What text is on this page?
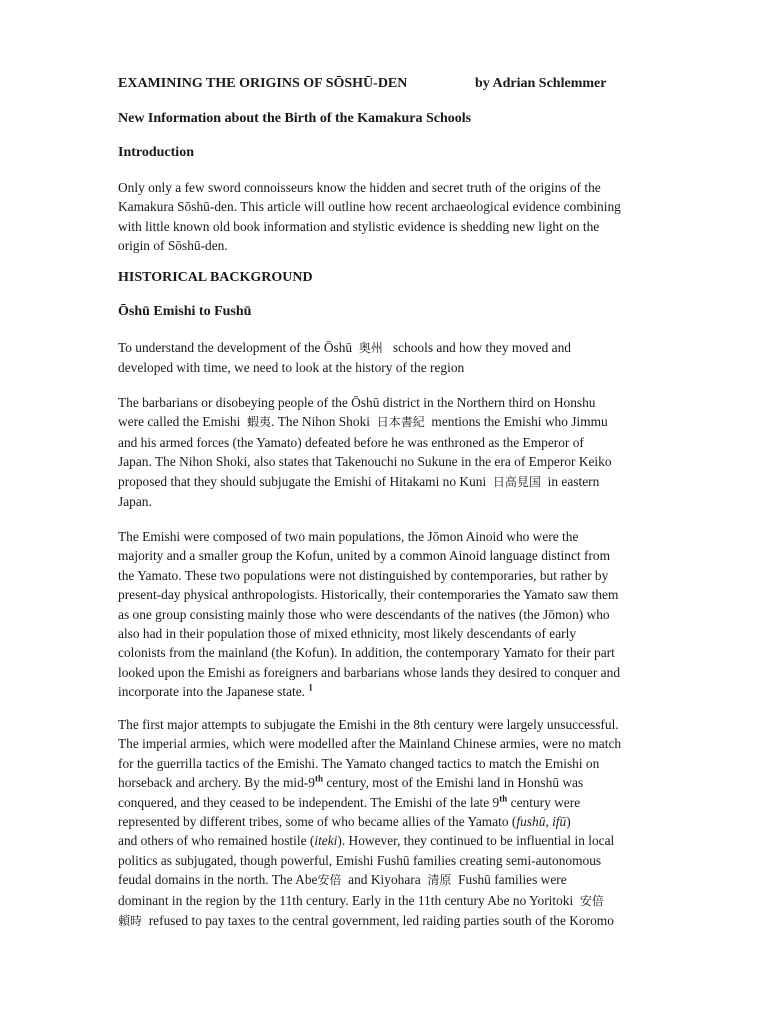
EXAMINING THE ORIGINS OF SŌSHŪ-DEN	by Adrian Schlemmer
New Information about the Birth of the Kamakura Schools
Introduction
Only only a few sword connoisseurs know the hidden and secret truth of the origins of the
Kamakura Sōshū-den. This article will outline how recent archaeological evidence combining
with little known old book information and stylistic evidence is shedding new light on the
origin of Sōshū-den.
HISTORICAL BACKGROUND
Ōshū Emishi to Fushū
To understand the development of the Ōshū 奥州 schools and how they moved and
developed with time, we need to look at the history of the region
The barbarians or disobeying people of the Ōshū district in the Northern third on Honshu
were called the Emishi 蝦夷. The Nihon Shoki 日本書紀 mentions the Emishi who Jimmu
and his armed forces (the Yamato) defeated before he was enthroned as the Emperor of
Japan. The Nihon Shoki, also states that Takenouchi no Sukune in the era of Emperor Keiko
proposed that they should subjugate the Emishi of Hitakami no Kuni 日高見国 in eastern
Japan.
The Emishi were composed of two main populations, the Jōmon Ainoid who were the
majority and a smaller group the Kofun, united by a common Ainoid language distinct from
the Yamato. These two populations were not distinguished by contemporaries, but rather by
present-day physical anthropologists. Historically, their contemporaries the Yamato saw them
as one group consisting mainly those who were descendants of the natives (the Jōmon) who
also had in their population those of mixed ethnicity, most likely descendants of early
colonists from the mainland (the Kofun). In addition, the contemporary Yamato for their part
looked upon the Emishi as foreigners and barbarians whose lands they desired to conquer and
incorporate into the Japanese state. $^1$
The first major attempts to subjugate the Emishi in the 8th century were largely unsuccessful.
The imperial armies, which were modelled after the Mainland Chinese armies, were no match
for the guerrilla tactics of the Emishi. The Yamato changed tactics to match the Emishi on
horseback and archery. By the mid-9th century, most of the Emishi land in Honshū was
conquered, and they ceased to be independent. The Emishi of the late 9th century were
represented by different tribes, some of who became allies of the Yamato (fushū, ifū)
and others of who remained hostile (iteki). However, they continued to be influential in local
politics as subjugated, though powerful, Emishi Fushū families creating semi-autonomous
feudal domains in the north. The Abe安倍 and Kiyohara 清原 Fushū families were
dominant in the region by the 11th century. Early in the 11th century Abe no Yoritoki 安倍
頼時 refused to pay taxes to the central government, led raiding parties south of the Koromo
